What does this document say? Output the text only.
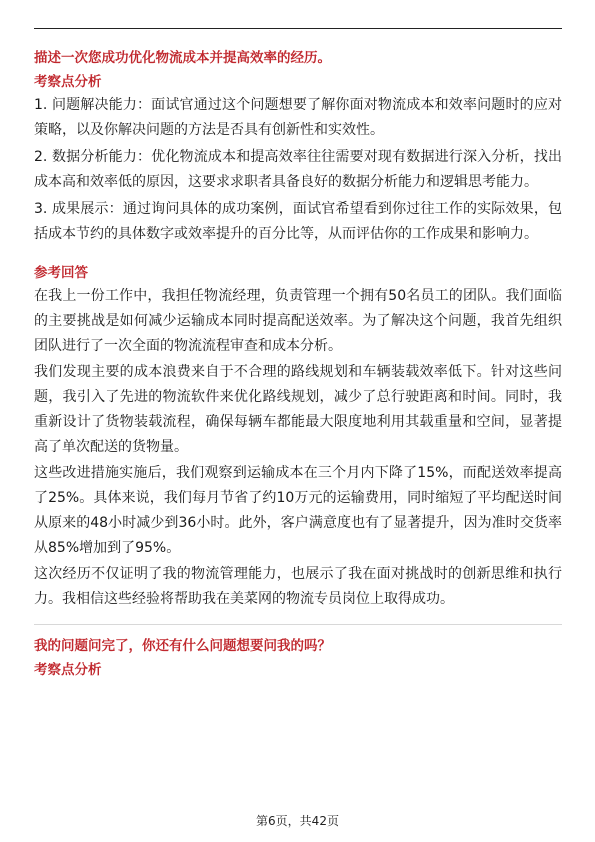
描述一次您成功优化物流成本并提高效率的经历。

考察点分析

1. 问题解决能力：面试官通过这个问题想要了解你面对物流成本和效率问题时的应对策略，以及你解决问题的方法是否具有创新性和实效性。

2. 数据分析能力：优化物流成本和提高效率往往需要对现有数据进行深入分析，找出成本高和效率低的原因，这要求求职者具备良好的数据分析能力和逻辑思考能力。

3. 成果展示：通过询问具体的成功案例，面试官希望看到你过往工作的实际效果，包括成本节约的具体数字或效率提升的百分比等，从而评估你的工作成果和影响力。

参考回答

在我上一份工作中，我担任物流经理，负责管理一个拥有50名员工的团队。我们面临的主要挑战是如何减少运输成本同时提高配送效率。为了解决这个问题，我首先组织团队进行了一次全面的物流流程审查和成本分析。

我们发现主要的成本浪费来自于不合理的路线规划和车辆装载效率低下。针对这些问题，我引入了先进的物流软件来优化路线规划，减少了总行驶距离和时间。同时，我重新设计了货物装载流程，确保每辆车都能最大限度地利用其载重量和空间，显著提高了单次配送的货物量。

这些改进措施实施后，我们观察到运输成本在三个月内下降了15%，而配送效率提高了25%。具体来说，我们每月节省了约10万元的运输费用，同时缩短了平均配送时间从原来的48小时减少到36小时。此外，客户满意度也有了显著提升，因为准时交货率从85%增加到了95%。

这次经历不仅证明了我的物流管理能力，也展示了我在面对挑战时的创新思维和执行力。我相信这些经验将帮助我在美菜网的物流专员岗位上取得成功。

我的问题问完了，你还有什么问题想要问我的吗？

考察点分析

第6页，共42页
